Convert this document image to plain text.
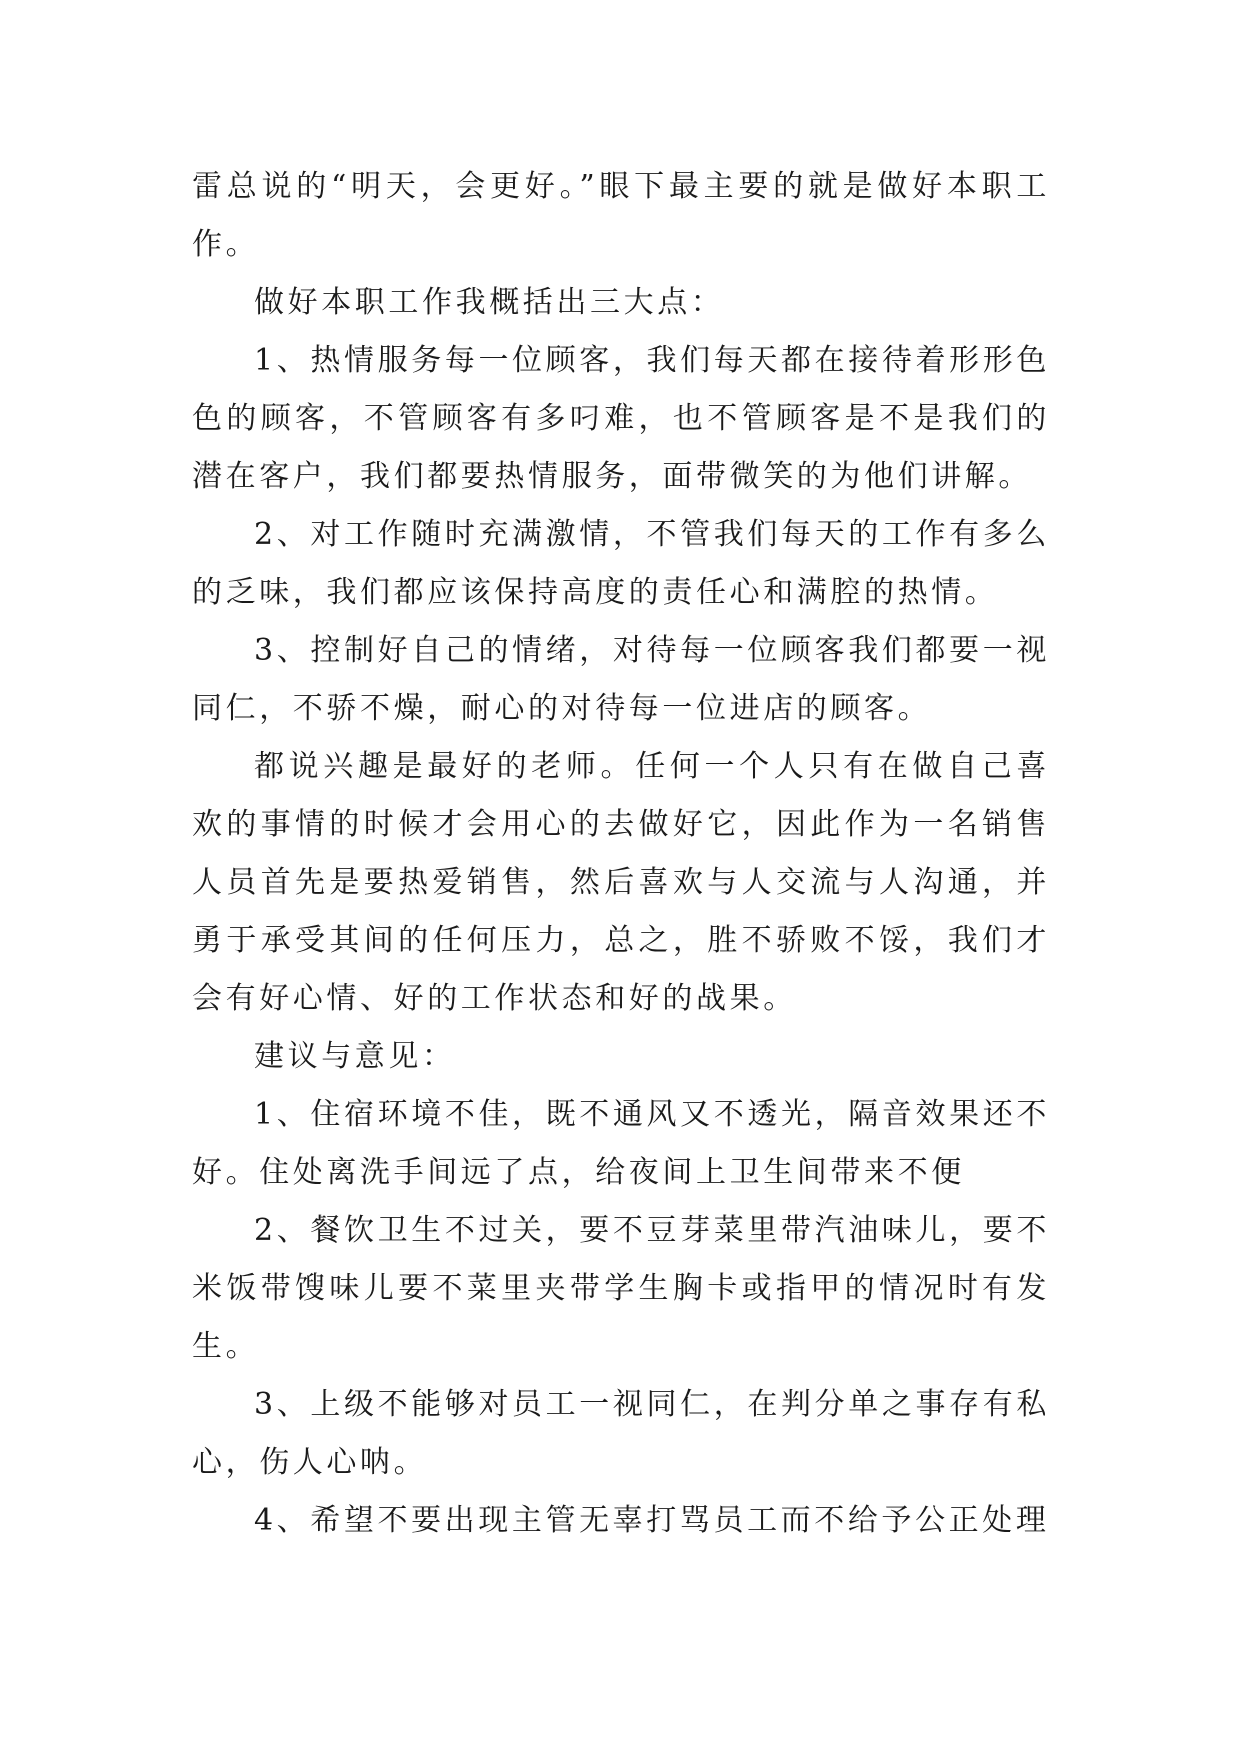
雷总说的“明天，会更好。”眼下最主要的就是做好本职工作。

做好本职工作我概括出三大点：

1、热情服务每一位顾客，我们每天都在接待着形形色色的顾客，不管顾客有多叼难，也不管顾客是不是我们的潜在客户，我们都要热情服务，面带微笑的为他们讲解。

2、对工作随时充满激情，不管我们每天的工作有多么的乏味，我们都应该保持高度的责任心和满腔的热情。

3、控制好自己的情绪，对待每一位顾客我们都要一视同仁，不骄不燥，耐心的对待每一位进店的顾客。

都说兴趣是最好的老师。任何一个人只有在做自己喜欢的事情的时候才会用心的去做好它，因此作为一名销售人员首先是要热爱销售，然后喜欢与人交流与人沟通，并勇于承受其间的任何压力，总之，胜不骄败不馁，我们才会有好心情、好的工作状态和好的战果。

建议与意见：

1、住宿环境不佳，既不通风又不透光，隔音效果还不好。住处离洗手间远了点，给夜间上卫生间带来不便

2、餐饮卫生不过关，要不豆芽菜里带汽油味儿，要不米饭带馊味儿要不菜里夹带学生胸卡或指甲的情况时有发生。

3、上级不能够对员工一视同仁，在判分单之事存有私心，伤人心呐。

4、希望不要出现主管无辜打骂员工而不给予公正处理
